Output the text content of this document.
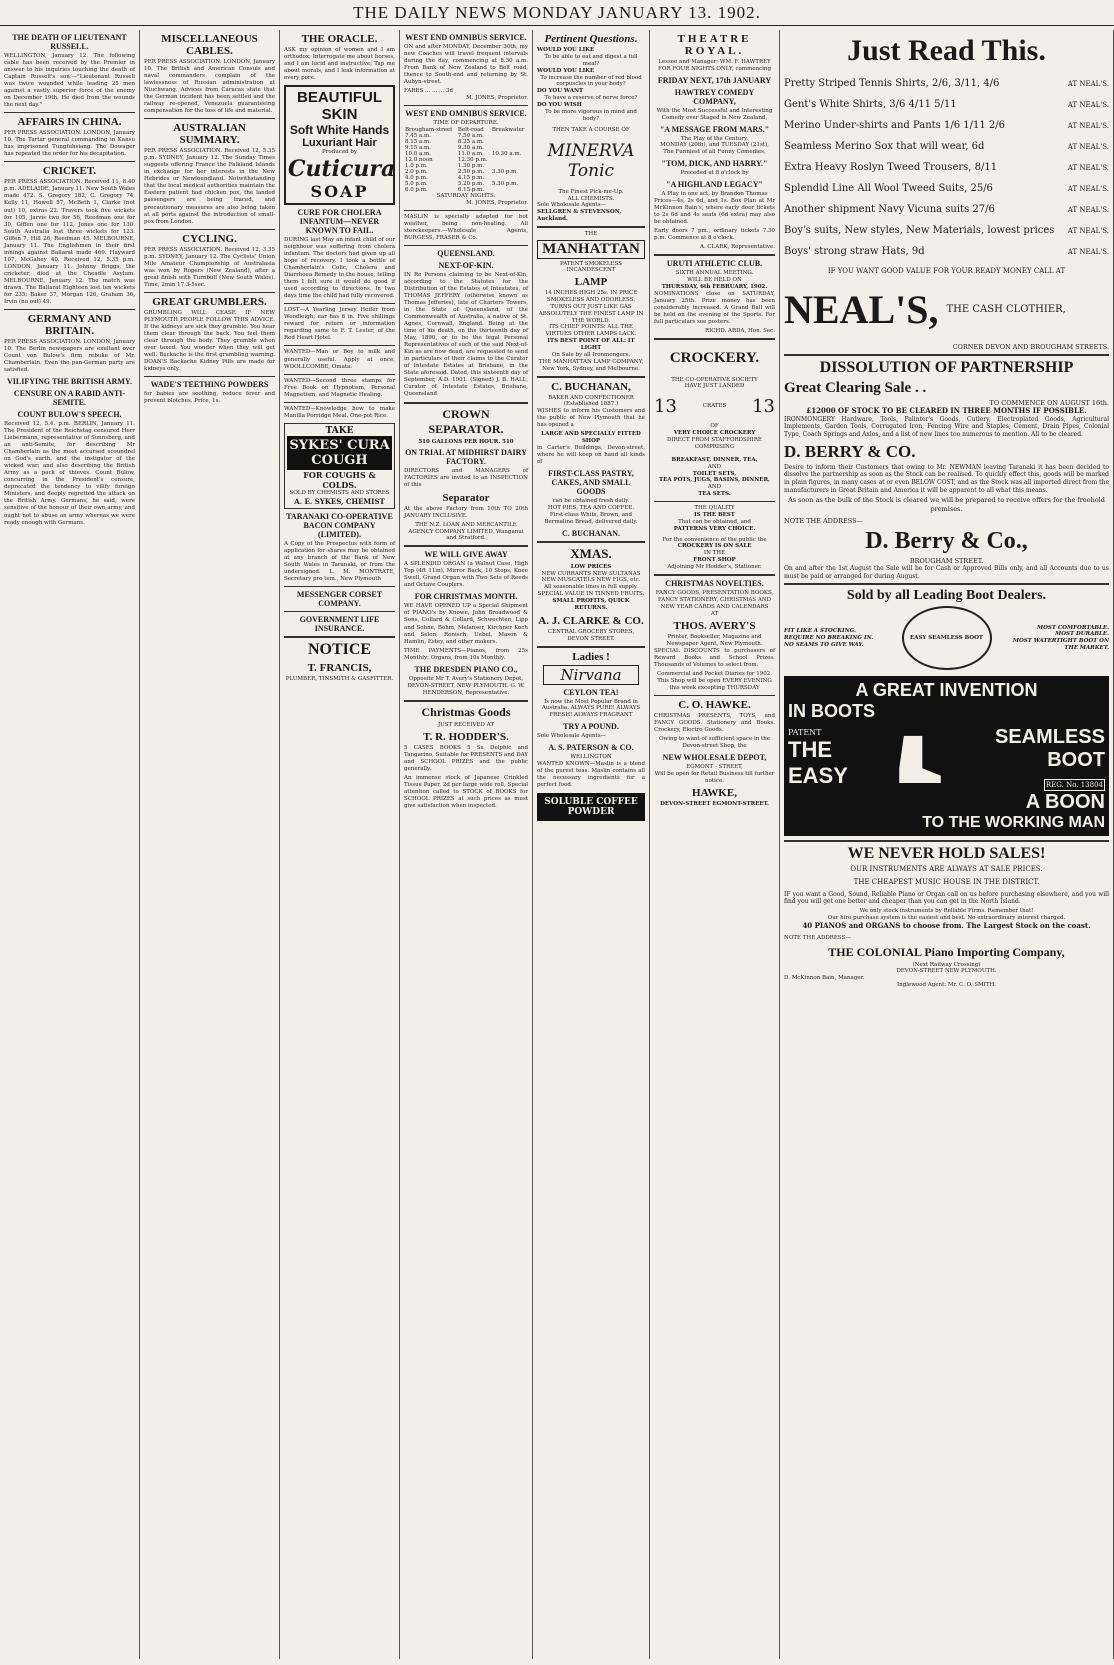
THE DAILY NEWS MONDAY JANUARY 13. 1902.
THE DEATH OF LIEUTENANT RUSSELL.
WELLINGTON, January 12. The following cable has been received by the Premier in answer to his inquiries touching the death of Captain Russell's son:—"Lieutenant Russell was twice wounded while leading 25 men against a vastly superior force of the enemy on December 19th. He died from the wounds the next day."
AFFAIRS IN CHINA.
PER PRESS ASSOCIATION. LONDON, January 10. The Tartar general commanding in Kansu has imprisoned Tungfuhsiang. The Dowager has repeated the order for his decapitation.
CRICKET.
PER PRESS ASSOCIATION. Received 11, 8.40 p.m. ADELAIDE, January 11. New South Wales made 472. S. Gregory 182, C. Gregory 74, Kelly 11, Howell 57, McBeth 1, Clarke (not out) 10, extras 22. Travers took five wickets for 105, Jarvis two for 56, Reedman one for 30, Giffen one for 112, Jones one for 130. South Australia lost three wickets for 123. Giffen 7, Hill 26, Reedman 45. MELBOURNE, January 11. The Englishmen in their first innings against Ballarat made 469. Hayward 107, McGahey 40. Received 12, 5.35 p.m. LONDON, January 11. Johnny Briggs, the cricketer, died at the Cheadle Asylum. MELBOURNE, January 12. The match was drawn. The Ballarat Eighteen lost ten wickets for 235; Baker 37, Morgan 126, Graham 36, Irvin (no out) 49.
GERMANY AND BRITAIN.
PER PRESS ASSOCIATION. LONDON, January 10. The Berlin newspapers are exultant over Count von Bulow's firm rebuke of Mr. Chamberlain. Even the pan-German party are satisfied.
VILIFYING THE BRITISH ARMY.
CENSURE ON A RABID ANTI-SEMITE.
COUNT BULOW'S SPEECH.
Received 12, 5.4. p.m. BERLIN, January 11. The President of the Reichstag censured Herr Liebermann, representative of Sonnsberg, and an anti-Semite, for describing Mr Chamberlain as the most accursed scoundrel on God's earth, and the instigator of the wicked war; and also describing the British Army as a pack of thieves. Count Bulow, concurring in the President's censure, deprecated the tendency to vilify foreign Ministers, and deeply regretted the attack on the British Army. Germans, he said, were sensitive of the honour of their own army, and ought not to abuse an army whereas we were ready enough with Germans.
MISCELLANEOUS CABLES.
PER PRESS ASSOCIATION. LONDON, January 10. The British and American Consuls and naval commanders complain of the lawlessness of Russian administration at Niuchwang. Advices from Caracas state that the German incident has been settled and the railway re-opened, Venezuela guaranteeing compensation for the loss of life and material.
AUSTRALIAN SUMMARY.
PER PRESS ASSOCIATION. Received 12, 5.35 p.m. SYDNEY, January 12. The Sunday Times suggests offering France the Falkland Islands in exchange for her interests in the New Hebrides or Newfoundland. Notwithstanding that the local medical authorities maintain the Eastern patient had chicken pox, the landed passengers are being traced, and precautionary measures are also being taken at all ports against the introduction of small-pox from London.
CYCLING.
PER PRESS ASSOCIATION. Received 12, 3.35 p.m. SYDNEY, January 12. The Cyclists' Union Mile Amateur Championship of Australasia was won by Rogers (New Zealand), after a great finish with Turnbull (New South Wales). Time, 2min 17.3-5sec.
GREAT GRUMBLERS.
GRUMBLING WILL CEASE IF NEW PLYMOUTH PEOPLE FOLLOW THIS ADVICE. If the kidneys are sick they grumble. You hear them clear through the back. You feel them clear through the body. They grumble when over taxed. You wonder when they will get well. Backache is the first grumbling warning. DOAN'S Backache Kidney Pills are made for kidneys only.
WADE'S TEETHING POWDERS
for babies are soothing, reduce fever and prevent blotches. Price, 1s.
THE ORACLE.
ASK my opinion of women and I am orthodox; Interrogate me about horses, and I am lucid and instructive; Tap me about morals, and I leak information at every pore.
BEAUTIFUL SKIN
Soft White Hands
Luxuriant Hair
Produced by
Cuticura
SOAP
CURE FOR CHOLERA INFANTUM—NEVER KNOWN TO FAIL.
DURING last May an infant child of our neighbour was suffering from cholera infantum. The doctors had given up all hope of recovery. I took a bottle of Chamberlain's Colic, Cholera and Diarrhoea Remedy to the house, telling them I felt sure it would do good if used according to directions. In two days time the child had fully recovered.
LOST—A Yearling Jersey Heifer from Woodleigh; ear has 6 in. Five shillings reward for return or information regarding same to F. T. Lester, of the Red Heart Hotel.
WANTED—Man or Boy to milk and generally useful. Apply at once, WOOLLCOMBE, Omata.
WANTED—Second three stamps for Free Book on Hypnotism, Personal Magnetism, and Magnetic Healing.
WANTED—Knowledge how to make Manilla Porridge Meal. One-pot Rice.
TAKE
SYKES' CURA COUGH
FOR COUGHS & COLDS.
SOLD BY CHEMISTS AND STORES
A. E. SYKES, CHEMIST
TARANAKI CO-OPERATIVE BACON COMPANY (LIMITED).
A Copy of the Prospectus with form of application for shares may be obtained at any branch of the Bank of New South Wales in Taranaki, or from the undersigned. L. M. MONTRATE, Secretary pro tem., New Plymouth
MESSENGER CORSET COMPANY.
GOVERNMENT LIFE INSURANCE.
NOTICE
T. FRANCIS,
PLUMBER, TINSMITH & GASFITTER.
WEST END OMNIBUS SERVICE.
ON and after MONDAY, December 30th, my new Coaches will travel frequent intervals during the day, commencing at 8.30 a.m. From Bank of New Zealand to Belt road, thence to South-end and returning by St. Aubyn-street.
FARES ... ... ... 3d
M. JONES, Proprietor.
WEST END OMNIBUS SERVICE.
TIME OF DEPARTURE.
Brougham-street	Belt-road	Breakwater
7.45 a.m.	7.50 a.m.	
8.15 a.m.	8.25 a.m.	
9.15 a.m.	9.30 a.m.	
10.0 a.m.	11.0 a.m.	10.30 a.m.
12.0 noon	12.30 p.m.	
1.0 p.m.	1.30 p.m.	
2.0 p.m.	2.50 p.m.	3.30 p.m.
4.0 p.m.	4.15 p.m.	
5.0 p.m.	5.20 p.m.	5.30 p.m.
6.0 p.m.	6.15 p.m.	
SATURDAY NIGHTS.
M. JONES, Proprietor.
MASLIN is specially adapted for hot weather, being non-heating. All storekeepers.—Wholesale Agents, BURGESS, FRASER & Co.
QUEENSLAND.
NEXT-OF-KIN.
IN Re Persons claiming to be Next-of-Kin, according to the Statutes for the Distribution of the Estates of Intestates, of THOMAS JEFFERY (otherwise known as Thomas Jefferies), late of Charters Towers, in the State of Queensland, of the Commonwealth of Australia, a native of St. Agnes, Cornwall, England. Being at the time of his death, on the thirteenth day of May, 1890, or to be the legal Personal Representatives of such of the said Next-of-Kin as are now dead, are requested to send in particulars of their claims to the Curator of Intestate Estates at Brisbane, in the State aforesaid. Dated, this sixteenth day of September, A.D. 1901. (Signed) J. B. HALL, Curator of Intestate Estates, Brisbane, Queensland
CROWN SEPARATOR.
510 GALLONS PER HOUR. 510
ON TRIAL AT MIDHIRST DAIRY FACTORY.
DIRECTORS and MANAGERS of FACTORIES are invited to an INSPECTION of this
Separator
At the above Factory from 10th TO 20th JANUARY INCLUSIVE.
THE N.Z. LOAN AND MERCANTILE AGENCY COMPANY LIMITED, Wanganui and Stratford.
WE WILL GIVE AWAY
A SPLENDID ORGAN (a Walnut Case, High Top (4ft 11in), Mirror Back, 10 Stops, Knee Swell, Grand Organ with Two Sets of Reeds and Octave Couplers.
FOR CHRISTMAS MONTH.
WE HAVE OPENED UP a Special Shipment of PIANO's by Knowe, John Broadwood & Sons, Collard & Collard, Schwechten, Lipp and Sohne, Bohm, Melanser, Kirchner Koch and Selon, Ronisch, Uebel, Mason & Hamlin, Estey, and other makers.
TIME PAYMENTS—Pianos, from 25s Monthly; Organs, from 10s Monthly.
THE DRESDEN PIANO CO.,
Opposite Mr T. Avery's Stationery Depot, DEVON-STREET, NEW PLYMOUTH. G. W. HENDERSON, Representative.
Christmas Goods
JUST RECEIVED AT
T. R. HODDER'S.
5 CASES BOOKS 5 Sx Delphic and Tangarino, Suitable for PRESENTS and DAY and SCHOOL PRIZES and the public generally.
An immense stock of Japanese Crinkled Tissue Paper, 2d per large wide roll, Special attention called to STOCK of BOOKS for SCHOOL PRIZES at such prices as must give satisfaction when inspected.
Pertinent Questions.
WOULD YOU LIKE
To be able to eat and digest a full meal?
WOULD YOU LIKE
To increase the number of red blood corpuscles in your body?
DO YOU WANT
To have a reserve of nerve force?
DO YOU WISH
To be more vigorous in mind and body?
THEN TAKE A COURSE OF
MINERVA Tonic
The Finest Pick-me-Up.
ALL CHEMISTS.
Sole Wholesale Agents—
SELLGREN & STEVENSON, Auckland.
THE
MANHATTAN
PATENT SMOKELESS INCANDESCENT
LAMP
14 INCHES HIGH 25s. IN PRICE
SMOKELESS AND ODORLESS.
TURNS OUT JUST LIKE GAS
ABSOLUTELY THE FINEST LAMP IN THE WORLD.
ITS CHIEF POINTS: ALL THE VIRTUES OTHER LAMPS LACK.
ITS BEST POINT OF ALL: IT LIGHT
On Sale by all Ironmongers.
THE MANHATTAN LAMP COMPANY, New York, Sydney, and Melbourne.
C. BUCHANAN,
BAKER AND CONFECTIONER (Established 1887.)
WISHES to inform his Customers and the public of New Plymouth that he has opened a
LARGE AND SPECIALLY FITTED SHOP
in Carter's Buildings, Devon-street, where he will keep on hand all kinds of
FIRST-CLASS PASTRY, CAKES, AND SMALL GOODS
can be obtained fresh daily.
HOT PIES, TEA AND COFFEE.
First-class Whits, Brown, and Bermaline Bread, delivered daily.
C. BUCHANAN.
XMAS.
LOW PRICES
NEW CURRANTS NEW SULTANAS NEW MUSCATELS NEW FIGS, etc.
All seasonable lines in full supply.
SPECIAL VALUE IN TINNED FRUITS.
SMALL PROFITS, QUICK RETURNS.
A. J. CLARKE & CO.
CENTRAL GROCERY STORES, DEVON STREET.
Ladies !
Nirvana
CEYLON TEA!
Is now the Most Popular Brand in Australia. ALWAYS PURE! ALWAYS FRESH! ALWAYS FRAGRANT
TRY A POUND.
Sole Wholesale Agents—
A. S. PATERSON & CO.
WELLINGTON
WANTED KNOWN—Maslin is a blend of the purest teas. Maslin contains all the necessary ingredients for a perfect food.
SOLUBLE COFFEE POWDER
THEATRE ROYAL.
Lessee and Manager: WM. F. HAWTREY
FOR FOUR NIGHTS ONLY, commencing
FRIDAY NEXT, 17th JANUARY
HAWTREY COMEDY COMPANY,
With the Most Successful and Interesting Comedy ever Staged in New Zealand,
"A MESSAGE FROM MARS."
The Play of the Century.
MONDAY (20th), and TUESDAY (21st), The Funniest of all Funny Comedies,
"TOM, DICK, AND HARRY."
Preceded at 8 o'clock by
"A HIGHLAND LEGACY"
A Play in one act, by Brandon Thomas
Prices—4s, 2s 6d, and 1s. Box Plan at Mr McKinnon Bain's, where early door tickets to 2s 6d and 4s seats (6d extra) may also be obtained.
Early doors 7 pm., ordinary tickets 7.30 p.m. Commence at 8 o'clock.
A. CLARK, Representative.
URUTI ATHLETIC CLUB.
SIXTH ANNUAL MEETING.
WILL BE HELD ON
THURSDAY, 6th FEBRUARY, 1902.
NOMINATIONS close on SATURDAY, January 25th. Prize money has been considerably increased. A Grand Ball will be held on the evening of the Sports. For full particulars see posters.
RICHD. ARDA, Hon. Sec.
CROCKERY.
THE CO-OPERATIVE SOCIETY
HAVE JUST LANDED
13	CRATES 13
OF
VERY CHOICE CROCKERY
DIRECT FROM STAFFORDSHIRE
COMPRISING
BREAKFAST, DINNER, TEA,
AND
TOILET SETS,
TEA POTS, JUGS, BASINS, DINNER,
AND
TEA SETS.
THE QUALITY
IS THE BEST
That can be obtained, and
PATTERNS VERY CHOICE.
For the convenience of the public the
CROCKERY IS ON SALE
IN THE
FRONT SHOP
Adjoining Mr Hodder's, Stationer.
CHRISTMAS NOVELTIES.
FANCY GOODS, PRESENTATION BOOKS, FANCY STATIONERY, CHRISTMAS AND NEW YEAR CARDS AND CALENDARS
AT
THOS. AVERY'S
Printer, Bookseller, Magazine and Newspaper Agent, New Plymouth.
SPECIAL DISCOUNTS to purchasers of Reward Books and School Prizes. Thousands of Volumes to select from.
Commercial and Pocket Diaries for 1902.
This Shop will be open EVERY EVENING this week excepting THURSDAY
C. O. HAWKE.
CHRISTMAS PRESENTS, TOYS, and FANCY GOODS. Stationery and Books. Crockery, Electro Goods.
Owing to want of sufficient space in the Devon-street Shop, the
NEW WHOLESALE DEPOT,
EGMONT - STREET,
Will be open for Retail Business till further notice.
HAWKE,
DEVON-STREET EGMONT-STREET.
Just Read This.
Pretty Striped Tennis Shirts, 2/6, 3/11, 4/6	AT NEAL'S.
Gent's White Shirts, 3/6 4/11 5/11	AT NEAL'S.
Merino Under-shirts and Pants 1/6 1/11 2/6	AT NEAL'S.
Seamless Merino Sox that will wear, 6d	AT NEAL'S.
Extra Heavy Roslyn Tweed Trousers, 8/11	AT NEAL'S.
Splendid Line All Wool Tweed Suits, 25/6	AT NEAL'S.
Another shipment Navy Vicuna suits 27/6	AT NEAL'S.
Boy's suits, New styles, New Materials, lowest prices AT NEAL'S.
Boys' strong straw Hats, 9d	AT NEAL'S.
IF YOU WANT GOOD VALUE FOR YOUR READY MONEY CALL AT
NEAL'S, THE CASH CLOTHIER,
CORNER DEVON AND BROUGHAM STREETS.
DISSOLUTION OF PARTNERSHIP
Great Clearing Sale . .
TO COMMENCE ON AUGUST 16th.
£12000 OF STOCK TO BE CLEARED IN THREE MONTHS IF POSSIBLE.
IRONMONGERY Hardware, Tools, Palinter's Goods, Cutlery, Electroplated Goods, Agricultural Implements, Garden Tools, Corrugated Iron, Fencing Wire and Staples, Cement, Drain Pipes, Colonial Type, Coach Springs and Axles, and a list of new lines too numerous to mention. All to be cleared.
D. BERRY & CO.
Desire to inform their Customers that owing to Mr. NEWMAN leaving Taranaki it has been decided to dissolve the partnership as soon as the Stock can be realised. To quickly effect this, goods will be marked in plain figures, in many cases at or even BELOW COST, and as the Stock was all imported direct from the manufacturers in Great Britain and America it will be apparent to all what this means.
As soon as the bulk of the Stock is cleared we will be prepared to receive offers for the freehold premises.
NOTE THE ADDRESS—
D. Berry & Co.,
BROUGHAM STREET.
On and after the 1st August the Sale will be for Cash or Approved Bills only, and all Accounts due to us must be paid or arranged for during August.
Sold by all Leading Boot Dealers.
FIT LIKE A STOCKING.
REQUIRE NO BREAKING IN.
NO SEAMS TO GIVE WAY.
EASY SEAMLESS BOOT
MOST COMFORTABLE.
MOST DURABLE.
MOST WATERTIGHT BOOT ON THE MARKET.
A GREAT INVENTION
IN BOOTS
PATENT
THE EASY
SEAMLESS BOOT
REG. No. 13804
A BOON
TO THE WORKING MAN
WE NEVER HOLD SALES!
OUR INSTRUMENTS ARE ALWAYS AT SALE PRICES.
THE CHEAPEST MUSIC HOUSE IN THE DISTRICT.
IF you want a Good, Sound, Reliable Piano or Organ call on us before purchasing elsewhere, and you will find you will get one better and cheaper than you can get in the North Island.
We only stock instruments by Reliable Firms. Remember that!
Our hire purchase system is the easiest and best. No extraordinary interest charged.
40 PIANOS and ORGANS to choose from. The Largest Stock on the coast.
NOTE THE ADDRESS—
THE COLONIAL Piano Importing Company,
(Next Railway Crossing)
DEVON-STREET NEW PLYMOUTH.
D. McKinnon Bain, Manager.
Inglewood Agent: Mr. C. O. SMITH.
